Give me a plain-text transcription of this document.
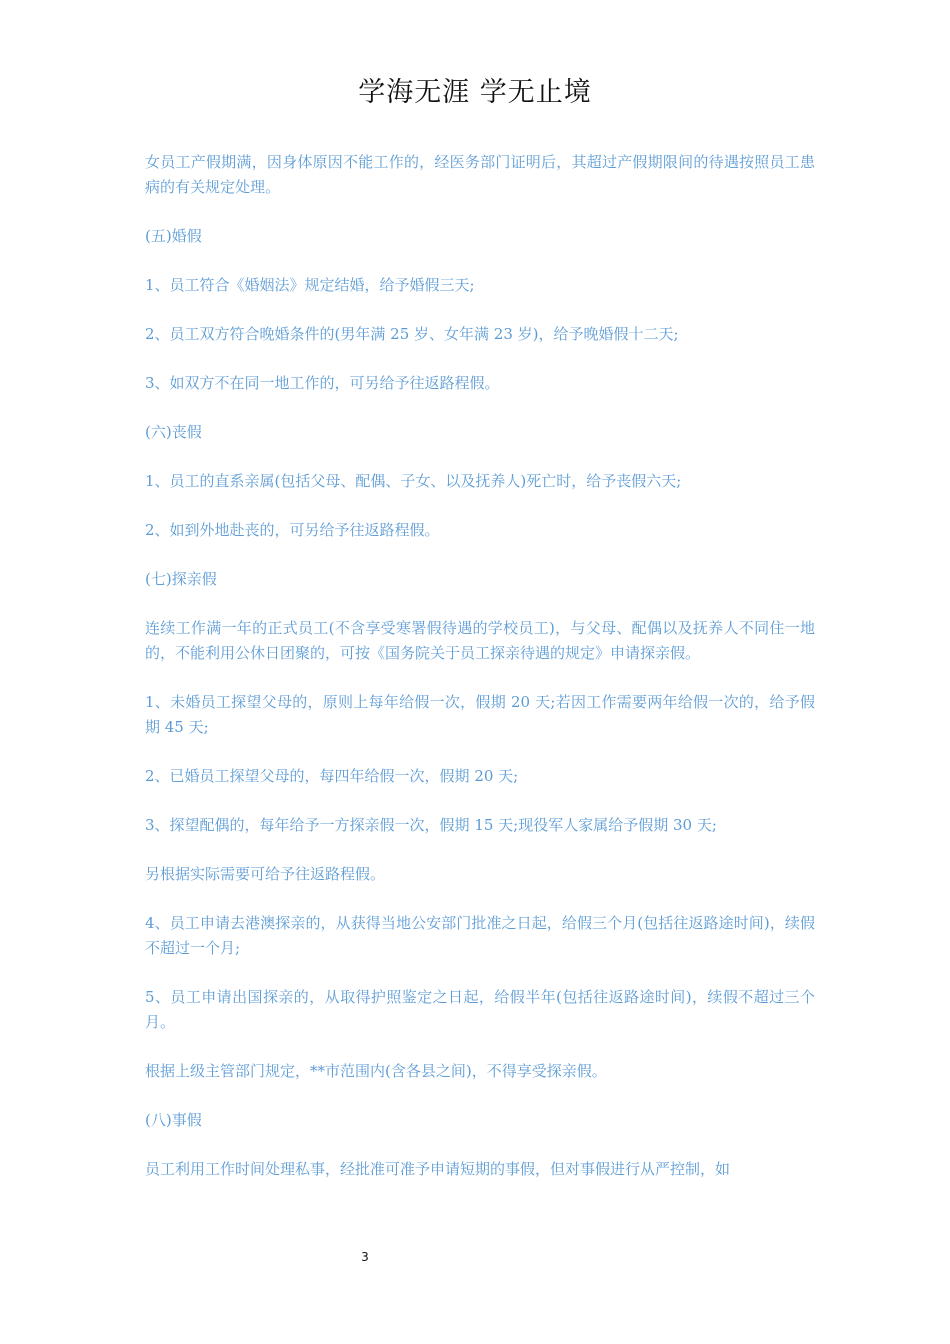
学海无涯 学无止境

女员工产假期满，因身体原因不能工作的，经医务部门证明后，其超过产假期限间的待遇按照员工患病的有关规定处理。

(五)婚假

1、员工符合《婚姻法》规定结婚，给予婚假三天;

2、员工双方符合晚婚条件的(男年满 25 岁、女年满 23 岁)，给予晚婚假十二天;

3、如双方不在同一地工作的，可另给予往返路程假。

(六)丧假

1、员工的直系亲属(包括父母、配偶、子女、以及抚养人)死亡时，给予丧假六天;

2、如到外地赴丧的，可另给予往返路程假。

(七)探亲假

连续工作满一年的正式员工(不含享受寒署假待遇的学校员工)，与父母、配偶以及抚养人不同住一地的，不能利用公休日团聚的，可按《国务院关于员工探亲待遇的规定》申请探亲假。

1、未婚员工探望父母的，原则上每年给假一次，假期 20 天;若因工作需要两年给假一次的，给予假期 45 天;

2、已婚员工探望父母的，每四年给假一次，假期 20 天;

3、探望配偶的，每年给予一方探亲假一次，假期 15 天;现役军人家属给予假期 30 天;

另根据实际需要可给予往返路程假。

4、员工申请去港澳探亲的，从获得当地公安部门批准之日起，给假三个月(包括往返路途时间)，续假不超过一个月;

5、员工申请出国探亲的，从取得护照鉴定之日起，给假半年(包括往返路途时间)，续假不超过三个月。

根据上级主管部门规定，**市范围内(含各县之间)，不得享受探亲假。

(八)事假

员工利用工作时间处理私事，经批准可准予申请短期的事假，但对事假进行从严控制，如

3
